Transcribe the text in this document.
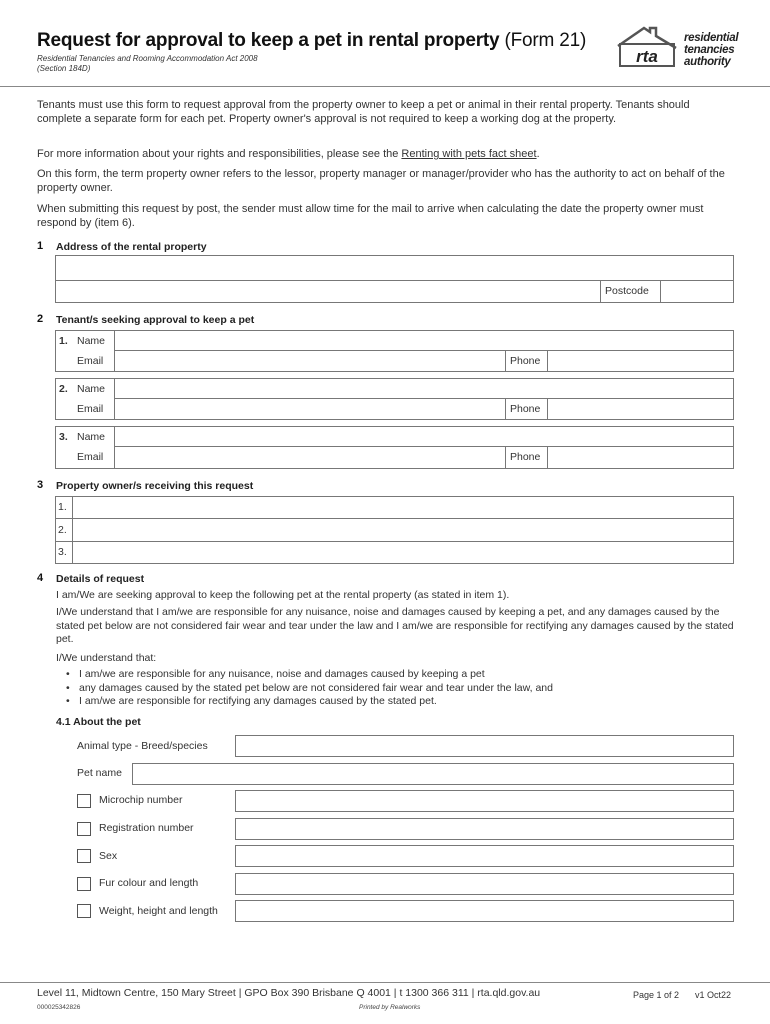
Request for approval to keep a pet in rental property (Form 21)
Residential Tenancies and Rooming Accommodation Act 2008
(Section 184D)
rta
residential
tenancies
authority
Tenants must use this form to request approval from the property owner to keep a pet or animal in their rental property. Tenants should complete a separate form for each pet. Property owner's approval is not required to keep a working dog at the property.
For more information about your rights and responsibilities, please see the Renting with pets fact sheet.
On this form, the term property owner refers to the lessor, property manager or manager/provider who has the authority to act on behalf of the property owner.
When submitting this request by post, the sender must allow time for the mail to arrive when calculating the date the property owner must respond by (item 6).
1 Address of the rental property
Postcode
2 Tenant/s seeking approval to keep a pet
1. Name
Email	Phone
2. Name
Email	Phone
3. Name
Email	Phone
3 Property owner/s receiving this request
1.
2.
3.
4 Details of request
I am/We are seeking approval to keep the following pet at the rental property (as stated in item 1).
I/We understand that I am/we are responsible for any nuisance, noise and damages caused by keeping a pet, and any damages caused by the stated pet below are not considered fair wear and tear under the law and I am/we are responsible for rectifying any damages caused by the stated pet.
I/We understand that:
• I am/we are responsible for any nuisance, noise and damages caused by keeping a pet
• any damages caused by the stated pet below are not considered fair wear and tear under the law, and
• I am/we are responsible for rectifying any damages caused by the stated pet.
4.1 About the pet
Animal type - Breed/species
Pet name
Microchip number
Registration number
Sex
Fur colour and length
Weight, height and length
Level 11, Midtown Centre, 150 Mary Street | GPO Box 390 Brisbane Q 4001 | t 1300 366 311 | rta.qld.gov.au	Page 1 of 2 v1 Oct22
000025342826	Printed by Realworks
